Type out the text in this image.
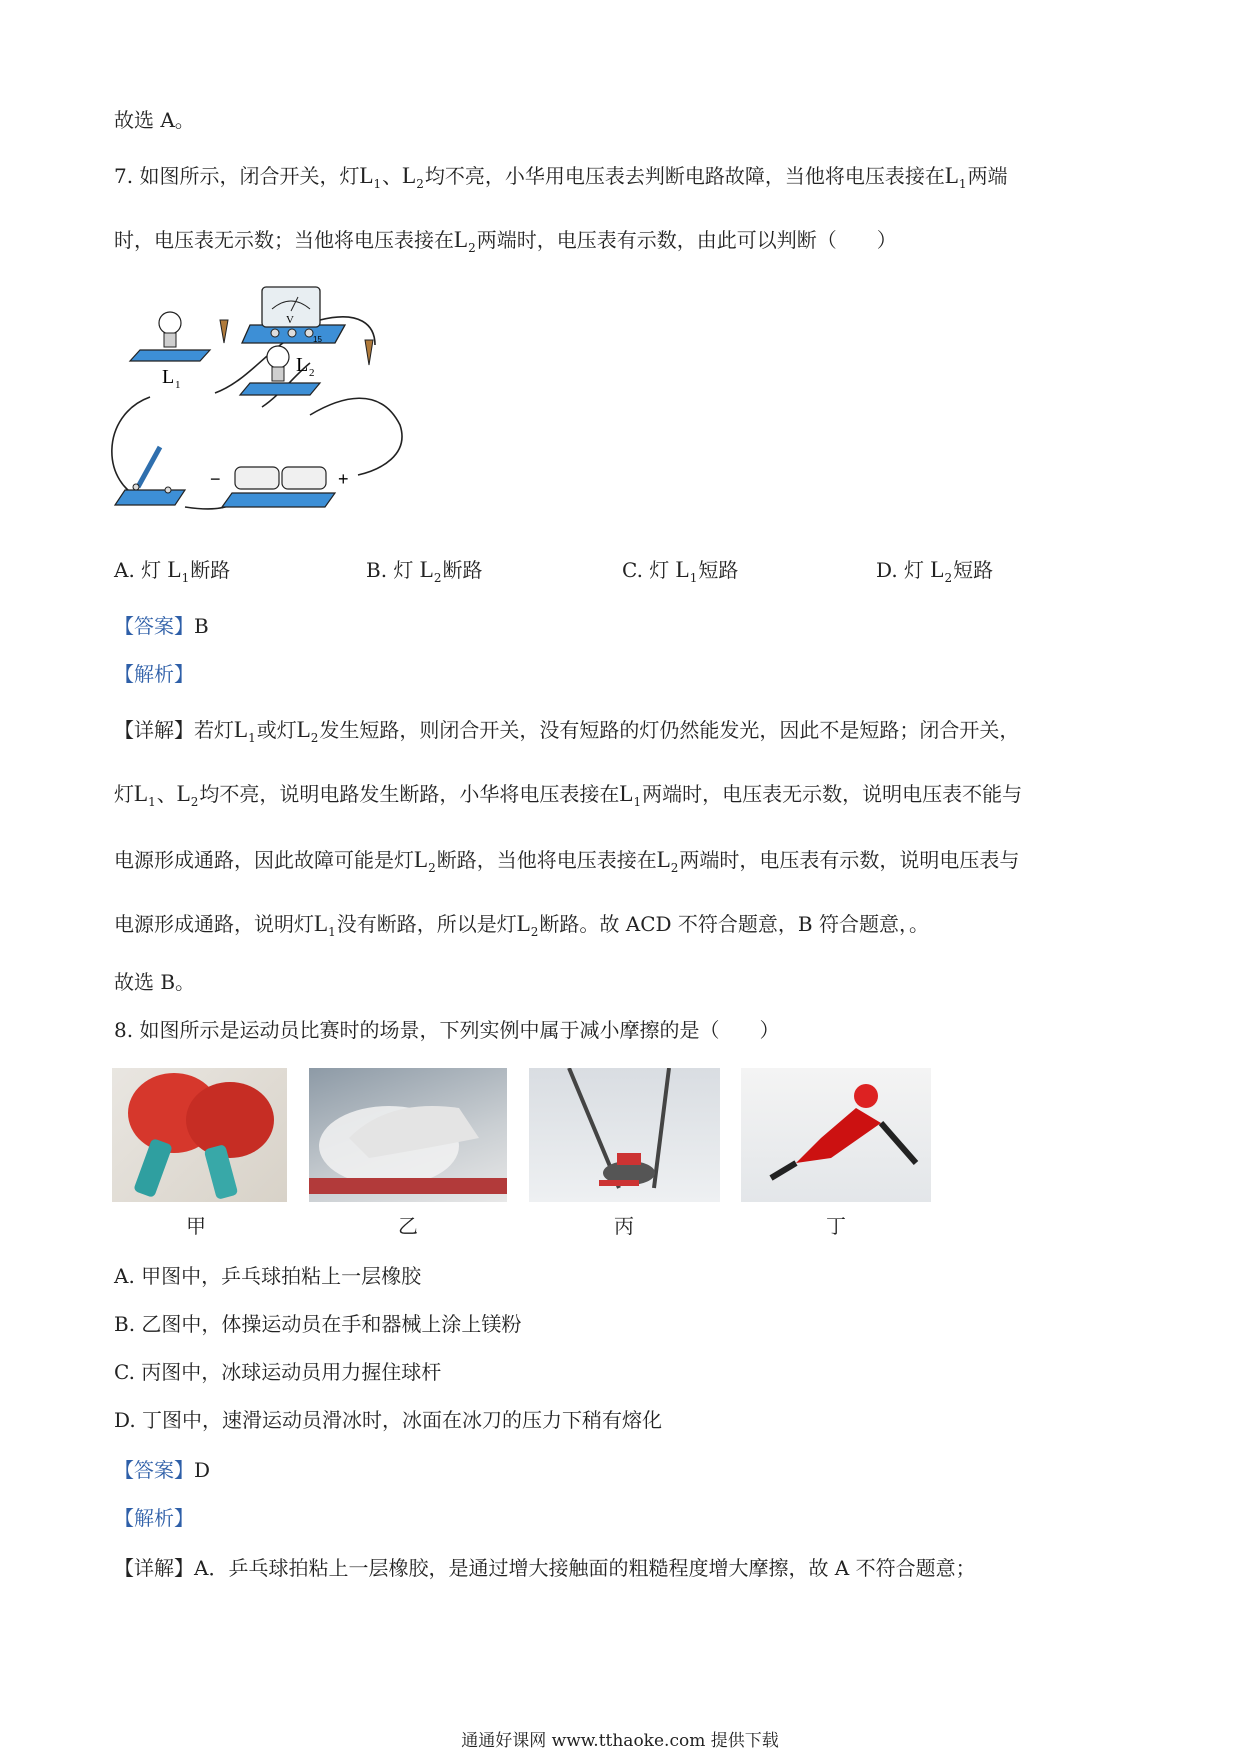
故选 A。
7. 如图所示，闭合开关，灯$L_1$、$L_2$均不亮，小华用电压表去判断电路故障，当他将电压表接在$L_1$两端
时，电压表无示数；当他将电压表接在$L_2$两端时，电压表有示数，由此可以判断（　　）
V
15
L 1
L 2
−	+
A. 灯 $L_1$断路	B. 灯 $L_2$断路	C. 灯 $L_1$短路	D. 灯 $L_2$短路
【答案】B
【解析】
【详解】若灯$L_1$或灯$L_2$发生短路，则闭合开关，没有短路的灯仍然能发光，因此不是短路；闭合开关，
灯$L_1$、$L_2$均不亮，说明电路发生断路，小华将电压表接在$L_1$两端时，电压表无示数，说明电压表不能与
电源形成通路，因此故障可能是灯$L_2$断路，当他将电压表接在$L_2$两端时，电压表有示数，说明电压表与
电源形成通路，说明灯$L_1$没有断路，所以是灯$L_2$断路。故 ACD 不符合题意，B 符合题意，。
故选 B。
8. 如图所示是运动员比赛时的场景，下列实例中属于减小摩擦的是（　　）
甲	乙	丙	丁
A. 甲图中，乒乓球拍粘上一层橡胶
B. 乙图中，体操运动员在手和器械上涂上镁粉
C. 丙图中，冰球运动员用力握住球杆
D. 丁图中，速滑运动员滑冰时，冰面在冰刀的压力下稍有熔化
【答案】D
【解析】
【详解】A．乒乓球拍粘上一层橡胶，是通过增大接触面的粗糙程度增大摩擦，故 A 不符合题意；
通通好课网 www.tthaoke.com 提供下载
